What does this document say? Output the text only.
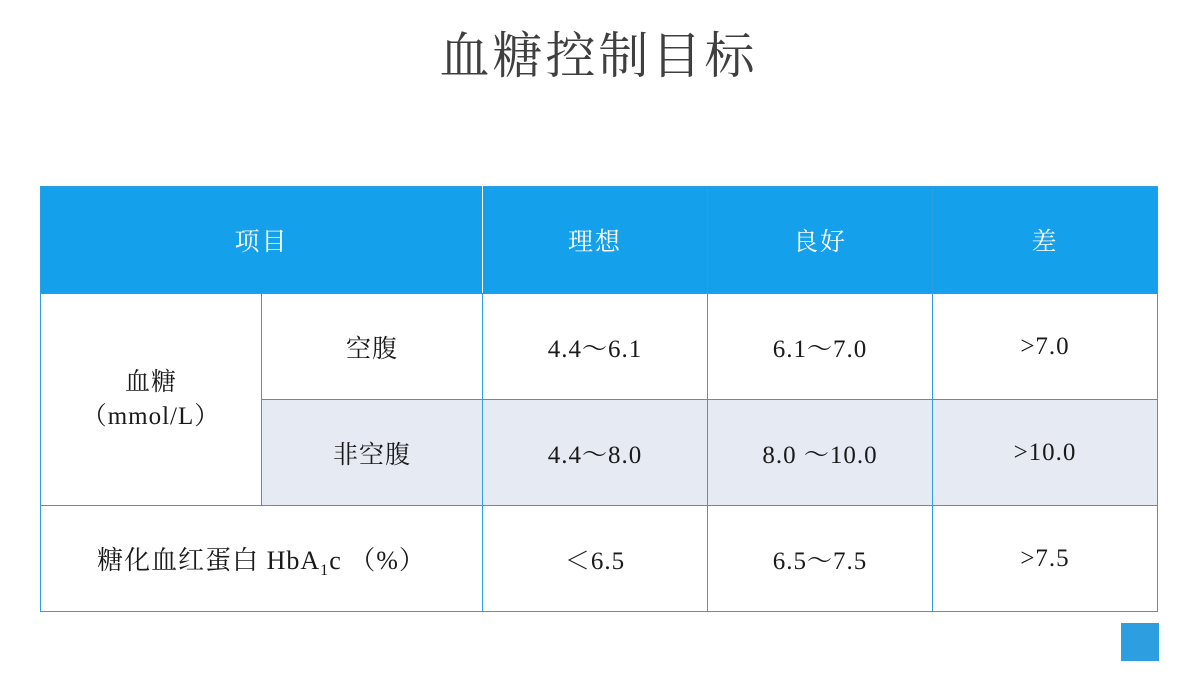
血糖控制目标
项目		理想	良好	差

血糖
（mmol/L）	空腹	4.4～6.1	6.1～7.0	>7.0
	非空腹	4.4～8.0	8.0 ～10.0	>10.0
糖化血红蛋白 HbA$_1$c （%）		＜6.5	6.5～7.5	>7.5
